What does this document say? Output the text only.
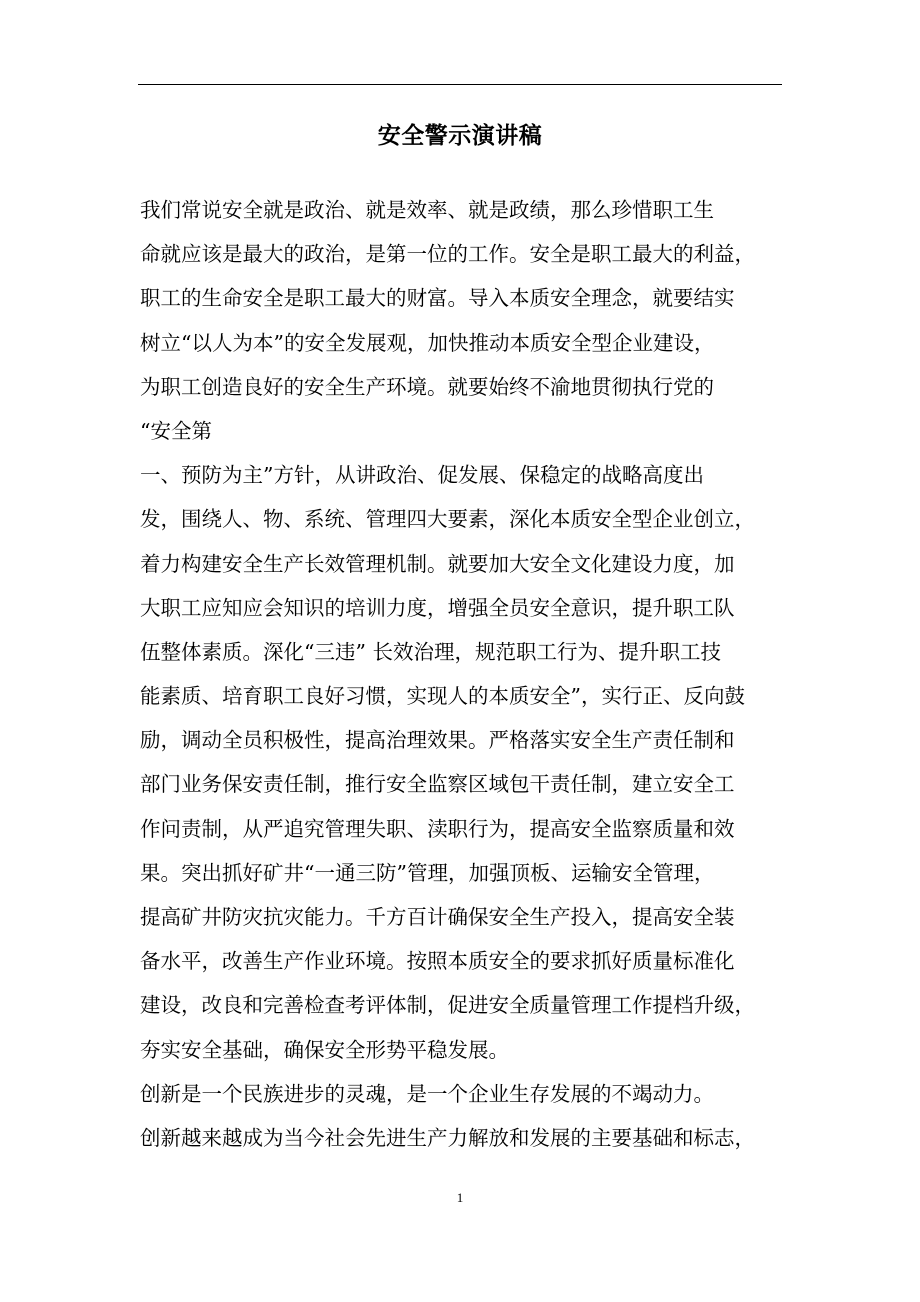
安全警示演讲稿
我们常说安全就是政治、就是效率、就是政绩，那么珍惜职工生
命就应该是最大的政治，是第一位的工作。安全是职工最大的利益，
职工的生命安全是职工最大的财富。导入本质安全理念，就要结实
树立“以人为本”的安全发展观，加快推动本质安全型企业建设，
为职工创造良好的安全生产环境。就要始终不渝地贯彻执行党的
“安全第
一、预防为主”方针，从讲政治、促发展、保稳定的战略高度出
发，围绕人、物、系统、管理四大要素，深化本质安全型企业创立，
着力构建安全生产长效管理机制。就要加大安全文化建设力度，加
大职工应知应会知识的培训力度，增强全员安全意识，提升职工队
伍整体素质。深化“三违” 长效治理，规范职工行为、提升职工技
能素质、培育职工良好习惯，实现人的本质安全”，实行正、反向鼓
励，调动全员积极性，提高治理效果。严格落实安全生产责任制和
部门业务保安责任制，推行安全监察区域包干责任制，建立安全工
作问责制，从严追究管理失职、渎职行为，提高安全监察质量和效
果。突出抓好矿井“一通三防”管理，加强顶板、运输安全管理，
提高矿井防灾抗灾能力。千方百计确保安全生产投入，提高安全装
备水平，改善生产作业环境。按照本质安全的要求抓好质量标准化
建设，改良和完善检查考评体制，促进安全质量管理工作提档升级，
夯实安全基础，确保安全形势平稳发展。
创新是一个民族进步的灵魂，是一个企业生存发展的不竭动力。
创新越来越成为当今社会先进生产力解放和发展的主要基础和标志，
1
